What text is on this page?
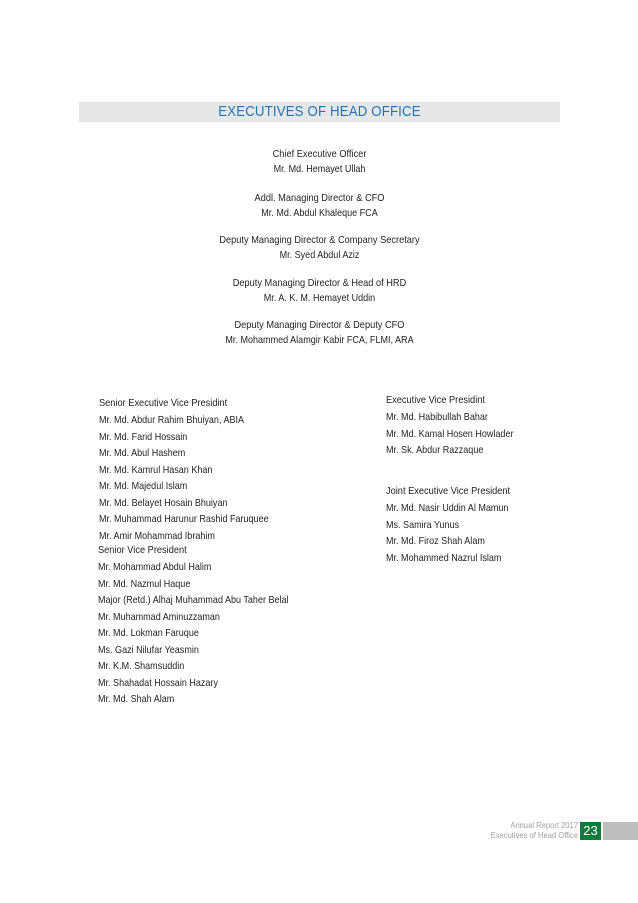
EXECUTIVES OF HEAD OFFICE
Chief Executive Officer
Mr. Md. Hemayet Ullah
Addl. Managing Director & CFO
Mr. Md. Abdul Khaleque FCA
Deputy Managing Director & Company Secretary
Mr. Syed Abdul Aziz
Deputy Managing Director & Head of HRD
Mr. A. K. M. Hemayet Uddin
Deputy Managing Director & Deputy CFO
Mr. Mohammed Alamgir Kabir FCA, FLMI, ARA
Senior Executive Vice Presidint
Mr. Md. Abdur Rahim Bhuiyan, ABIA
Mr. Md. Farid Hossain
Mr. Md. Abul Hashem
Mr. Md. Kamrul Hasan Khan
Mr. Md. Majedul Islam
Mr. Md. Belayet Hosain Bhuiyan
Mr. Muhammad Harunur Rashid Faruquee
Mr. Amir Mohammad Ibrahim
Executive Vice Presidint
Mr. Md. Habibullah Bahar
Mr. Md. Kamal Hosen Howlader
Mr. Sk. Abdur Razzaque
Joint Executive Vice President
Mr. Md. Nasir Uddin Al Mamun
Ms. Samira Yunus
Mr. Md. Firoz Shah Alam
Mr. Mohammed Nazrul Islam
Senior Vice President
Mr. Mohammad Abdul Halim
Mr. Md. Nazmul Haque
Major (Retd.) Alhaj Muhammad Abu Taher Belal
Mr. Muhammad Aminuzzaman
Mr. Md. Lokman Faruque
Ms. Gazi Nilufar Yeasmin
Mr. K.M. Shamsuddin
Mr. Shahadat Hossain Hazary
Mr. Md. Shah Alam
Annual Report 2017
Executives of Head Office 23
